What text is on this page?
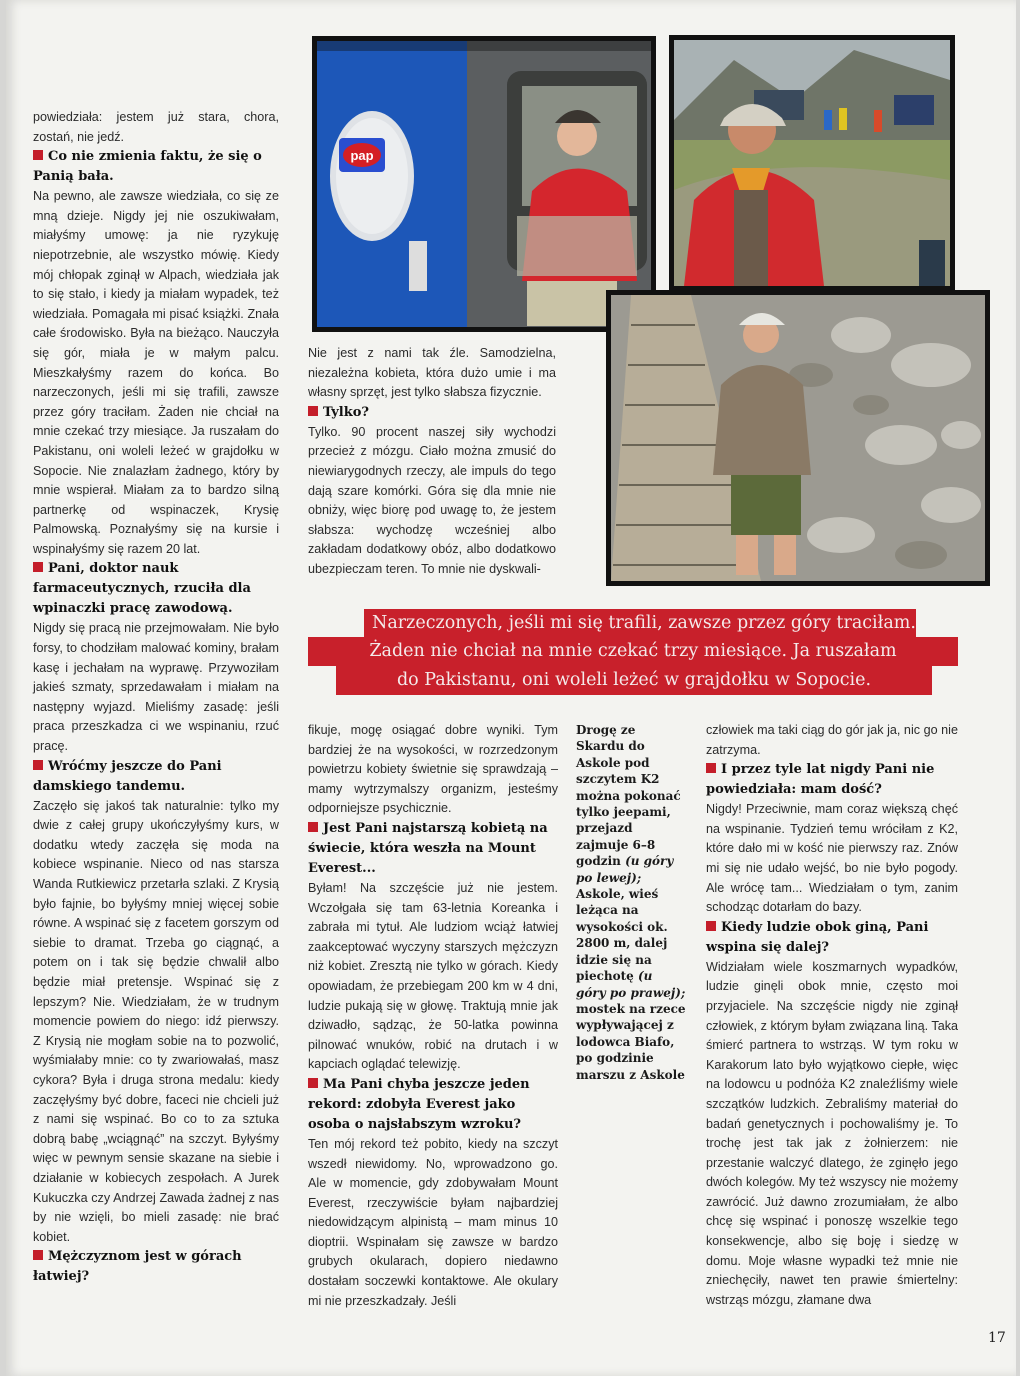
pap

powiedziała: jestem już stara, chora, zostań, nie jedź.

Co nie zmienia faktu, że się o Panią bała.

Na pewno, ale zawsze wiedziała, co się ze mną dzieje. Nigdy jej nie oszukiwałam, miałyśmy umowę: ja nie ryzykuję niepotrzebnie, ale wszystko mówię. Kiedy mój chłopak zginął w Alpach, wiedziała jak to się stało, i kiedy ja miałam wypadek, też wiedziała. Pomagała mi pisać książki. Znała całe środowisko. Była na bieżąco. Nauczyła się gór, miała je w małym palcu. Mieszkałyśmy razem do końca. Bo narzeczonych, jeśli mi się trafili, zawsze przez góry traciłam. Żaden nie chciał na mnie czekać trzy miesiące. Ja ruszałam do Pakistanu, oni woleli leżeć w grajdołku w Sopocie. Nie znalazłam żadnego, który by mnie wspierał. Miałam za to bardzo silną partnerkę od wspinaczek, Krysię Palmowską. Poznałyśmy się na kursie i wspinałyśmy się razem 20 lat.

Pani, doktor nauk farmaceutycznych, rzuciła dla wpinaczki pracę zawodową.

Nigdy się pracą nie przejmowałam. Nie było forsy, to chodziłam malować kominy, brałam kasę i jechałam na wyprawę. Przywoziłam jakieś szmaty, sprzedawałam i miałam na następny wyjazd. Mieliśmy zasadę: jeśli praca przeszkadza ci we wspinaniu, rzuć pracę.

Wróćmy jeszcze do Pani damskiego tandemu.

Zaczęło się jakoś tak naturalnie: tylko my dwie z całej grupy ukończyłyśmy kurs, w dodatku wtedy zaczęła się moda na kobiece wspinanie. Nieco od nas starsza Wanda Rutkiewicz przetarła szlaki. Z Krysią było fajnie, bo byłyśmy mniej więcej sobie równe. A wspinać się z facetem gorszym od siebie to dramat. Trzeba go ciągnąć, a potem on i tak się będzie chwalił albo będzie miał pretensje. Wspinać się z lepszym? Nie. Wiedziałam, że w trudnym momencie powiem do niego: idź pierwszy. Z Krysią nie mogłam sobie na to pozwolić, wyśmiałaby mnie: co ty zwariowałaś, masz cykora? Była i druga strona medalu: kiedy zaczęłyśmy być dobre, faceci nie chcieli już z nami się wspinać. Bo co to za sztuka dobrą babę „wciągnąć” na szczyt. Byłyśmy więc w pewnym sensie skazane na siebie i działanie w kobiecych zespołach. A Jurek Kukuczka czy Andrzej Zawada żadnej z nas by nie wzięli, bo mieli zasadę: nie brać kobiet.

Mężczyznom jest w górach łatwiej?

Nie jest z nami tak źle. Samodzielna, niezależna kobieta, która dużo umie i ma własny sprzęt, jest tylko słabsza fizycznie.

Tylko?

Tylko. 90 procent naszej siły wychodzi przecież z mózgu. Ciało można zmusić do niewiarygodnych rzeczy, ale impuls do tego dają szare komórki. Góra się dla mnie nie obniży, więc biorę pod uwagę to, że jestem słabsza: wychodzę wcześniej albo zakładam dodatkowy obóz, albo dodatkowo ubezpieczam teren. To mnie nie dyskwali-

Narzeczonych, jeśli mi się trafili, zawsze przez góry traciłam.
Żaden nie chciał na mnie czekać trzy miesiące. Ja ruszałam
do Pakistanu, oni woleli leżeć w grajdołku w Sopocie.

fikuje, mogę osiągać dobre wyniki. Tym bardziej że na wysokości, w rozrzedzonym powietrzu kobiety świetnie się sprawdzają – mamy wytrzymalszy organizm, jesteśmy odporniejsze psychicznie.

Jest Pani najstarszą kobietą na świecie, która weszła na Mount Everest...

Byłam! Na szczęście już nie jestem. Wczołgała się tam 63-letnia Koreanka i zabrała mi tytuł. Ale ludziom wciąż łatwiej zaakceptować wyczyny starszych mężczyzn niż kobiet. Zresztą nie tylko w górach. Kiedy opowiadam, że przebiegam 200 km w 4 dni, ludzie pukają się w głowę. Traktują mnie jak dziwadło, sądząc, że 50-latka powinna pilnować wnuków, robić na drutach i w kapciach oglądać telewizję.

Ma Pani chyba jeszcze jeden rekord: zdobyła Everest jako osoba o najsłabszym wzroku?

Ten mój rekord też pobito, kiedy na szczyt wszedł niewidomy. No, wprowadzono go. Ale w momencie, gdy zdobywałam Mount Everest, rzeczywiście byłam najbardziej niedowidzącym alpinistą – mam minus 10 dioptrii. Wspinałam się zawsze w bardzo grubych okularach, dopiero niedawno dostałam soczewki kontaktowe. Ale okulary mi nie przeszkadzały. Jeśli

Drogę ze Skardu do Askole pod szczytem K2 można pokonać tylko jeepami, przejazd zajmuje 6–8 godzin (u góry po lewej); Askole, wieś leżąca na wysokości ok. 2800 m, dalej idzie się na piechotę (u góry po prawej); mostek na rzece wypływającej z lodowca Biafo, po godzinie marszu z Askole

człowiek ma taki ciąg do gór jak ja, nic go nie zatrzyma.

I przez tyle lat nigdy Pani nie powiedziała: mam dość?

Nigdy! Przeciwnie, mam coraz większą chęć na wspinanie. Tydzień temu wróciłam z K2, które dało mi w kość nie pierwszy raz. Znów mi się nie udało wejść, bo nie było pogody. Ale wrócę tam... Wiedziałam o tym, zanim schodząc dotarłam do bazy.

Kiedy ludzie obok giną, Pani wspina się dalej?

Widziałam wiele koszmarnych wypadków, ludzie ginęli obok mnie, często moi przyjaciele. Na szczęście nigdy nie zginął człowiek, z którym byłam związana liną. Taka śmierć partnera to wstrząs. W tym roku w Karakorum lato było wyjątkowo ciepłe, więc na lodowcu u podnóża K2 znaleźliśmy wiele szczątków ludzkich. Zebraliśmy materiał do badań genetycznych i pochowaliśmy je. To trochę jest tak jak z żołnierzem: nie przestanie walczyć dlatego, że zginęło jego dwóch kolegów. My też wszyscy nie możemy zawrócić. Już dawno zrozumiałam, że albo chcę się wspinać i ponoszę wszelkie tego konsekwencje, albo się boję i siedzę w domu. Moje własne wypadki też mnie nie zniechęciły, nawet ten prawie śmiertelny: wstrząs mózgu, złamane dwa

17
